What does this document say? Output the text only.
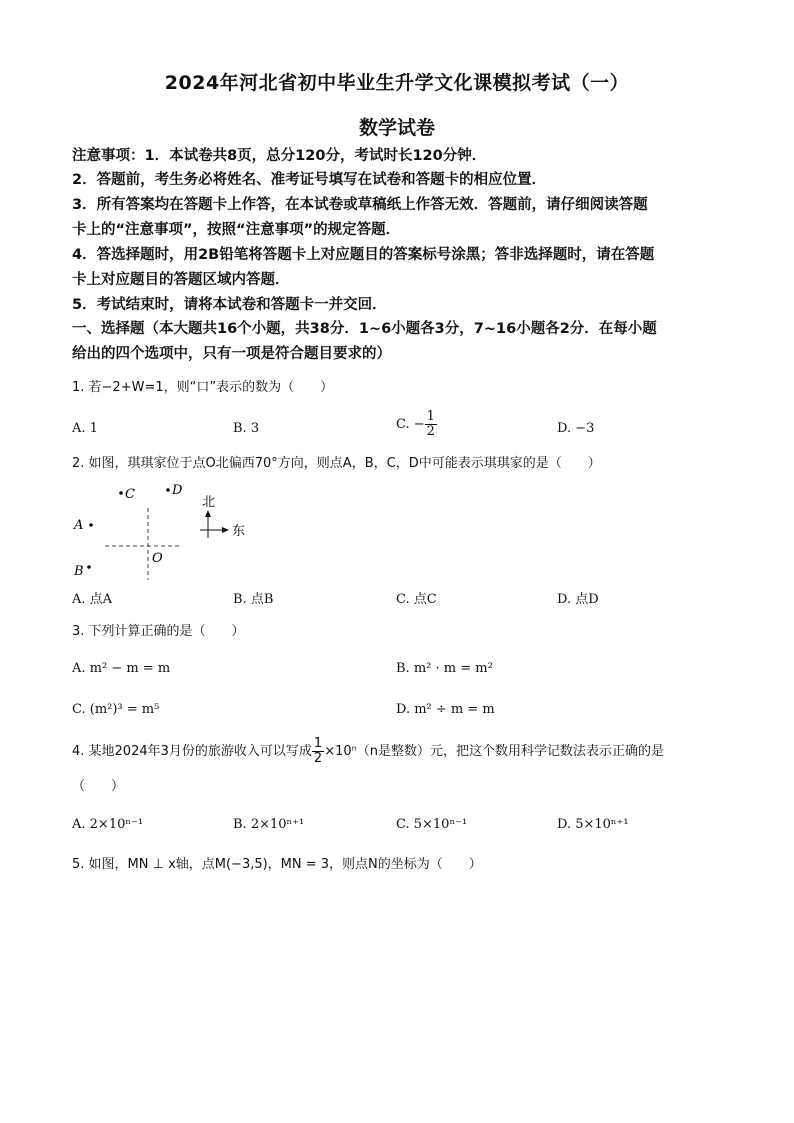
2024年河北省初中毕业生升学文化课模拟考试（一）
数学试卷
注意事项：1．本试卷共8页，总分120分，考试时长120分钟．
2．答题前，考生务必将姓名、准考证号填写在试卷和答题卡的相应位置．
3．所有答案均在答题卡上作答，在本试卷或草稿纸上作答无效．答题前，请仔细阅读答题
卡上的“注意事项”，按照“注意事项”的规定答题．
4．答选择题时，用2B铅笔将答题卡上对应题目的答案标号涂黑；答非选择题时，请在答题
卡上对应题目的答题区域内答题．
5．考试结束时，请将本试卷和答题卡一并交回．
一、选择题（本大题共16个小题，共38分．1~6小题各3分，7~16小题各2分．在每小题
给出的四个选项中，只有一项是符合题目要求的）
1. 若−2+W=1，则“口”表示的数为（　　）
A. 1	B. 3	C. − $\frac{1}{2}$	D. −3
2. 如图，琪琪家位于点O北偏西70°方向，则点A，B，C，D中可能表示琪琪家的是（　　）
C	D
A
B
O
北
东
A. 点A	B. 点B	C. 点C	D. 点D
3. 下列计算正确的是（　　）
A. m² − m = m	B. m² · m = m²
C. (m²)³ = m⁵	D. m² ÷ m = m
4. 某地2024年3月份的旅游收入可以写成 $\frac{1}{2} \times 10^n(n$是整数）元，把这个数用科学记数法表示正确的是
（　　）
A. 2×10ⁿ⁻¹	B. 2×10ⁿ⁺¹	C. 5×10ⁿ⁻¹	D. 5×10ⁿ⁺¹
5. 如图，MN ⊥ x轴，点M(−3,5)，MN = 3，则点N的坐标为（　　）
